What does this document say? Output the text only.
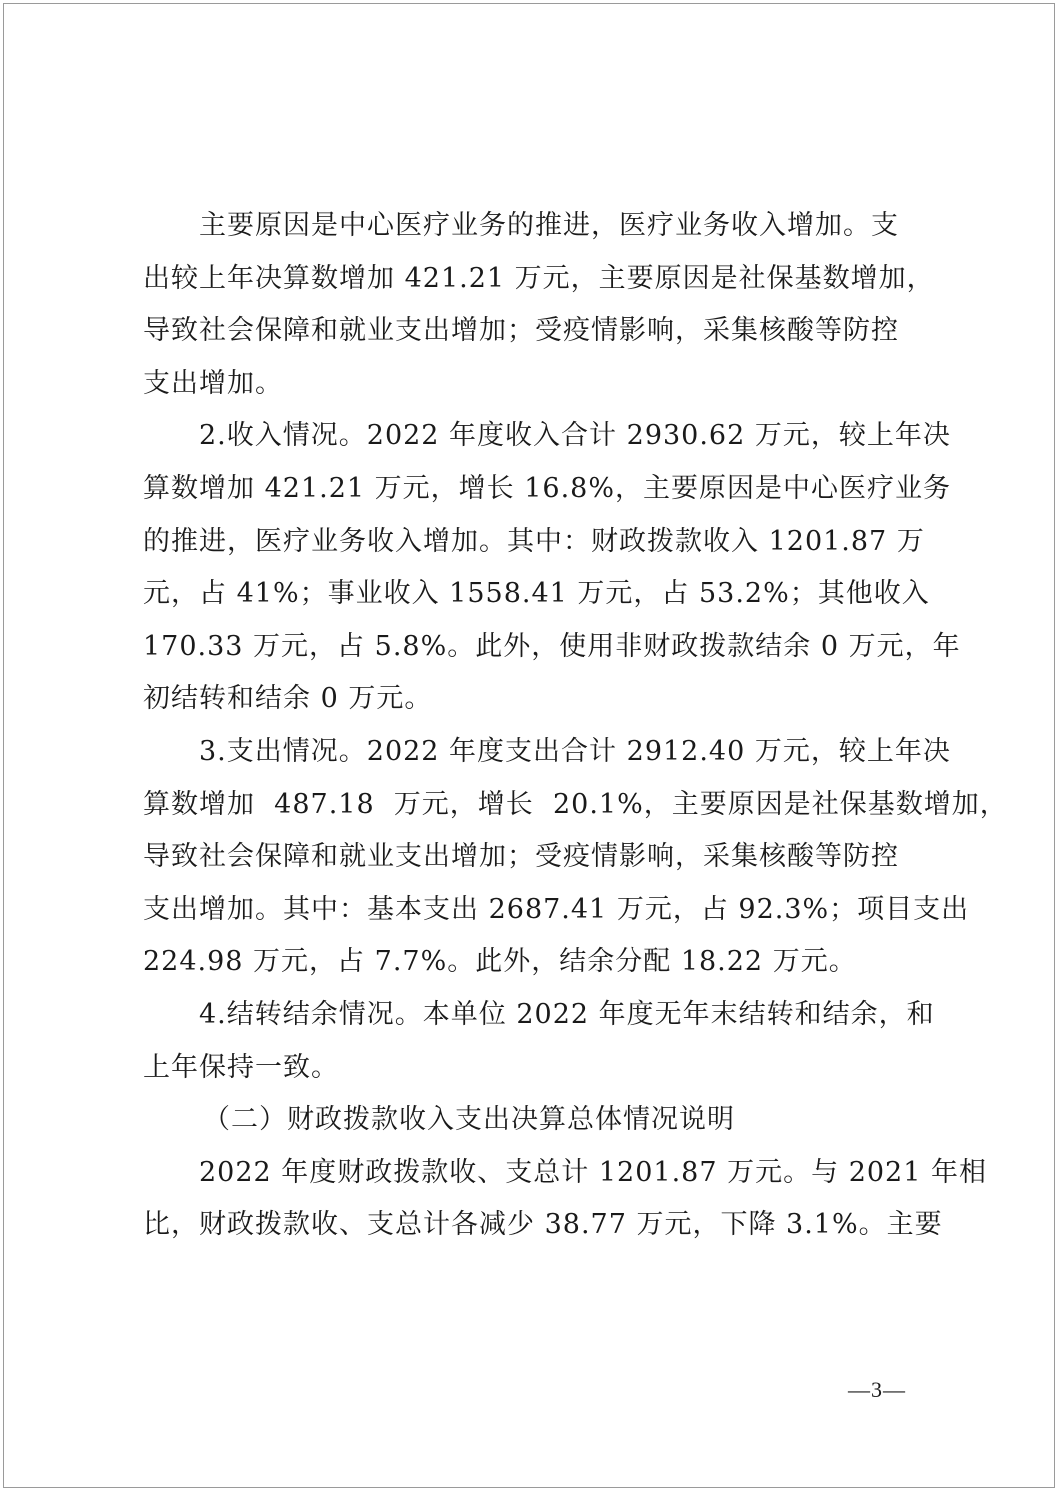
主要原因是中心医疗业务的推进，医疗业务收入增加。支
出较上年决算数增加 421.21 万元，主要原因是社保基数增加，
导致社会保障和就业支出增加；受疫情影响，采集核酸等防控
支出增加。
2.收入情况。2022 年度收入合计 2930.62 万元，较上年决
算数增加 421.21 万元，增长 16.8%，主要原因是中心医疗业务
的推进，医疗业务收入增加。其中：财政拨款收入 1201.87 万
元，占 41%；事业收入 1558.41 万元，占 53.2%；其他收入
170.33 万元，占 5.8%。此外，使用非财政拨款结余 0 万元，年
初结转和结余 0 万元。
3.支出情况。2022 年度支出合计 2912.40 万元，较上年决
算数增加  487.18  万元，增长  20.1%，主要原因是社保基数增加，
导致社会保障和就业支出增加；受疫情影响，采集核酸等防控
支出增加。其中：基本支出 2687.41 万元，占 92.3%；项目支出
224.98 万元，占 7.7%。此外，结余分配 18.22 万元。
4.结转结余情况。本单位 2022 年度无年末结转和结余，和
上年保持一致。
（二）财政拨款收入支出决算总体情况说明
2022 年度财政拨款收、支总计 1201.87 万元。与 2021 年相
比，财政拨款收、支总计各减少 38.77 万元，下降 3.1%。主要
—3—
